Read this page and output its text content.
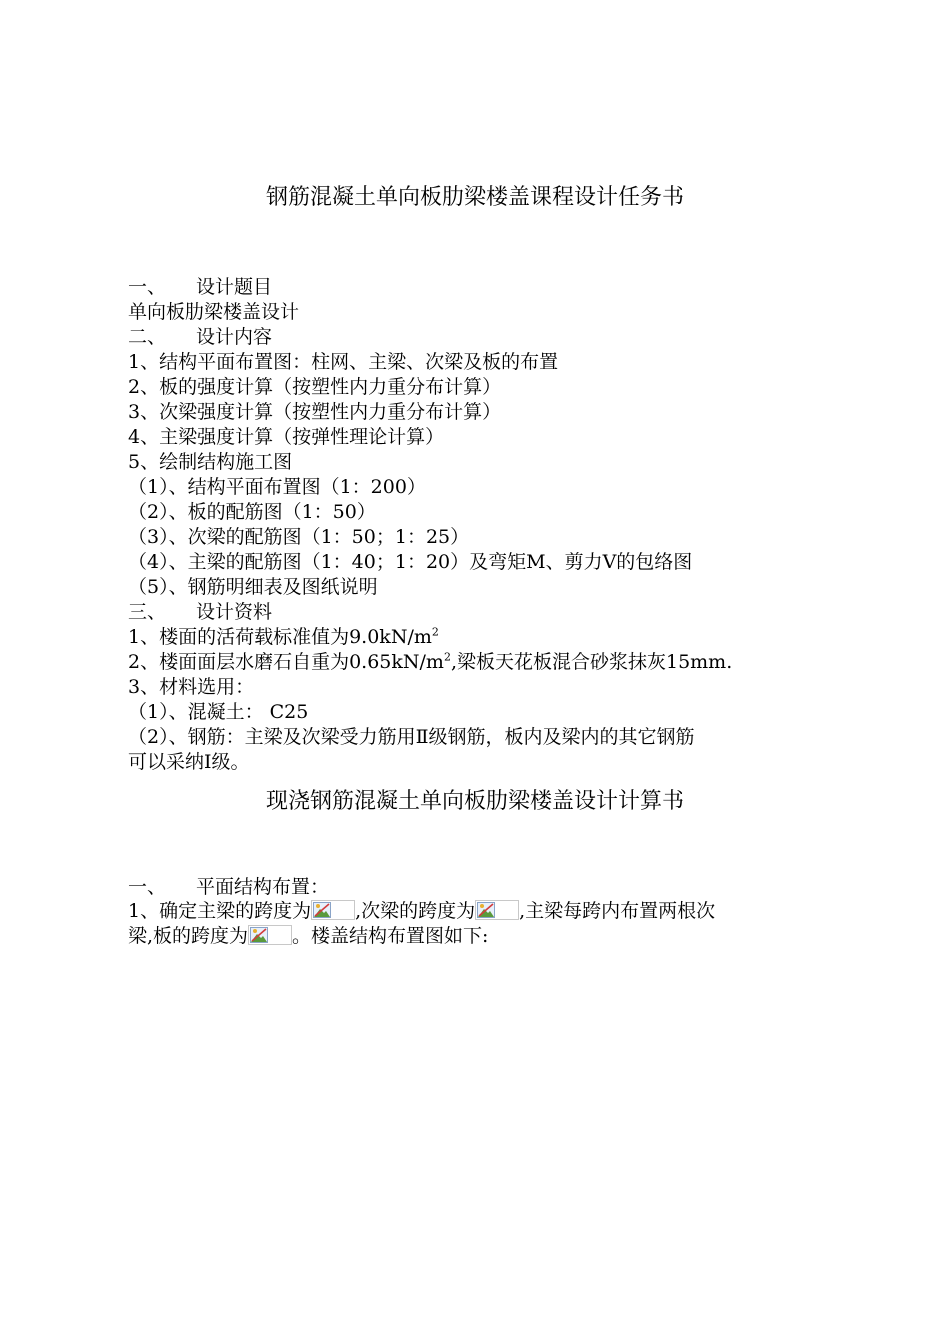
钢筋混凝土单向板肋梁楼盖课程设计任务书
一、 设计题目
单向板肋梁楼盖设计
二、 设计内容
1、结构平面布置图：柱网、主梁、次梁及板的布置
2、板的强度计算（按塑性内力重分布计算）
3、次梁强度计算（按塑性内力重分布计算）
4、主梁强度计算（按弹性理论计算）
5、绘制结构施工图
（1）、结构平面布置图（1：200）
（2）、板的配筋图（1：50）
（3）、次梁的配筋图（1：50；1：25）
（4）、主梁的配筋图（1：40；1：20）及弯矩M、剪力V的包络图
（5）、钢筋明细表及图纸说明
三、 设计资料
1、楼面的活荷载标准值为$9.0kN/m^2$
2、楼面面层水磨石自重为$0.65kN/m^2$,梁板天花板混合砂浆抹灰15mm.
3、材料选用：
（1）、混凝土： C25
（2）、钢筋：主梁及次梁受力筋用Ⅱ级钢筋，板内及梁内的其它钢筋
可以采纳Ⅰ级。
现浇钢筋混凝土单向板肋梁楼盖设计计算书
一、 平面结构布置：
1、确定主梁的跨度为 ,次梁的跨度为 ,主梁每跨内布置两根次
梁,板的跨度为 。楼盖结构布置图如下:
